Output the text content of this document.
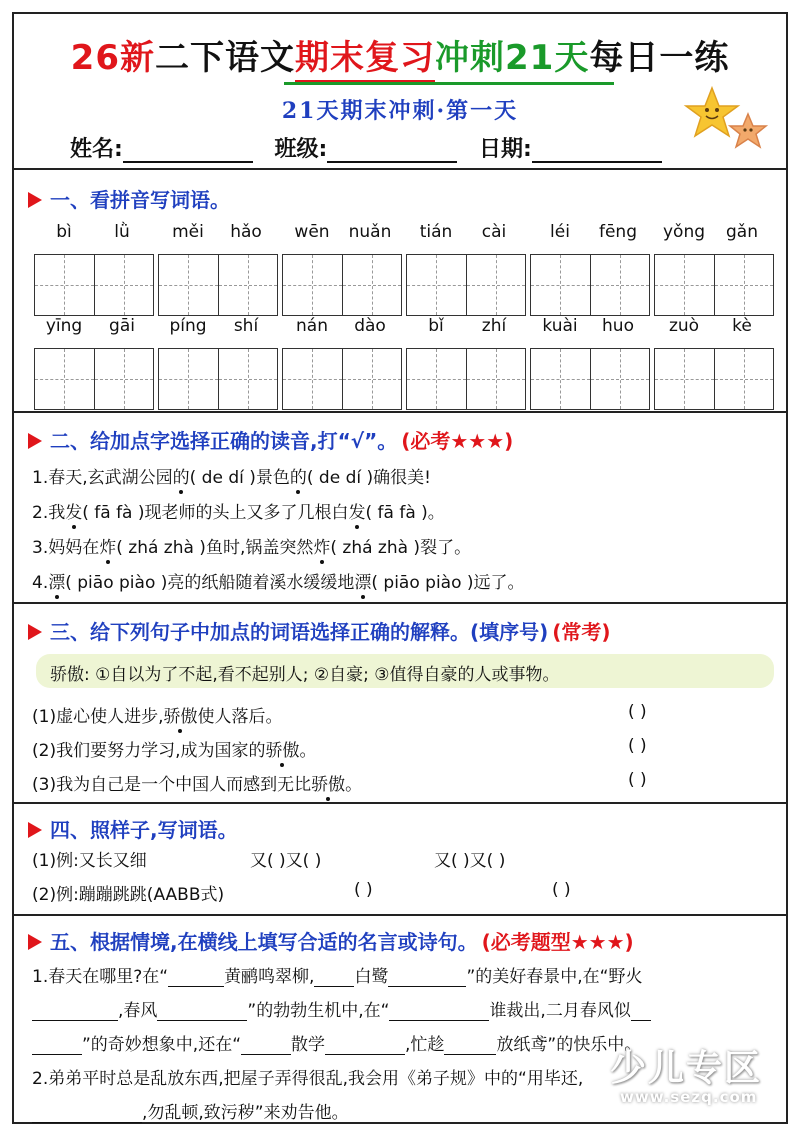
26新二下语文期末复习冲刺21天每日一练
21天期末冲刺·第一天
姓名:	班级:	日期:
一、看拼音写词语。
bì	lǜ	měi hǎo	wēn nuǎn	tián cài	léi fēng	yǒng gǎn
yīng gāi	píng shí	nán dào	bǐ zhí	kuài huo	zuò kè
二、给加点字选择正确的读音,打“√”。 (必考★★★)
1.春天,玄武湖公园的( de dí )景色的( de dí )确很美!
2.我发( fā fà )现老师的头上又多了几根白发( fā fà )。
3.妈妈在炸( zhá zhà )鱼时,锅盖突然炸( zhá zhà )裂了。
4.漂( piāo piào )亮的纸船随着溪水缓缓地漂( piāo piào )远了。
三、给下列句子中加点的词语选择正确的解释。(填序号) (常考)
骄傲: ①自以为了不起,看不起别人; ②自豪; ③值得自豪的人或事物。
(1)虚心使人进步,骄傲使人落后。	( )
(2)我们要努力学习,成为国家的骄傲。	( )
(3)我为自己是一个中国人而感到无比骄傲。	( )
四、照样子,写词语。
(1)例:又长又细	又( )又( )	又( )又( )
(2)例:蹦蹦跳跳(AABB式)	( )	( )
五、根据情境,在横线上填写合适的名言或诗句。 (必考题型★★★)
1.春天在哪里?在“	黄鹂鸣翠柳, 白鹭	”的美好春景中,在“野火
,春风	”的勃勃生机中,在“	谁裁出,二月春风似
”的奇妙想象中,还在“	散学	,忙趁	放纸鸢”的快乐中。
2.弟弟平时总是乱放东西,把屋子弄得很乱,我会用《弟子规》中的“用毕还,
,勿乱顿,致污秽”来劝告他。
少儿专区
www.sezq.com
